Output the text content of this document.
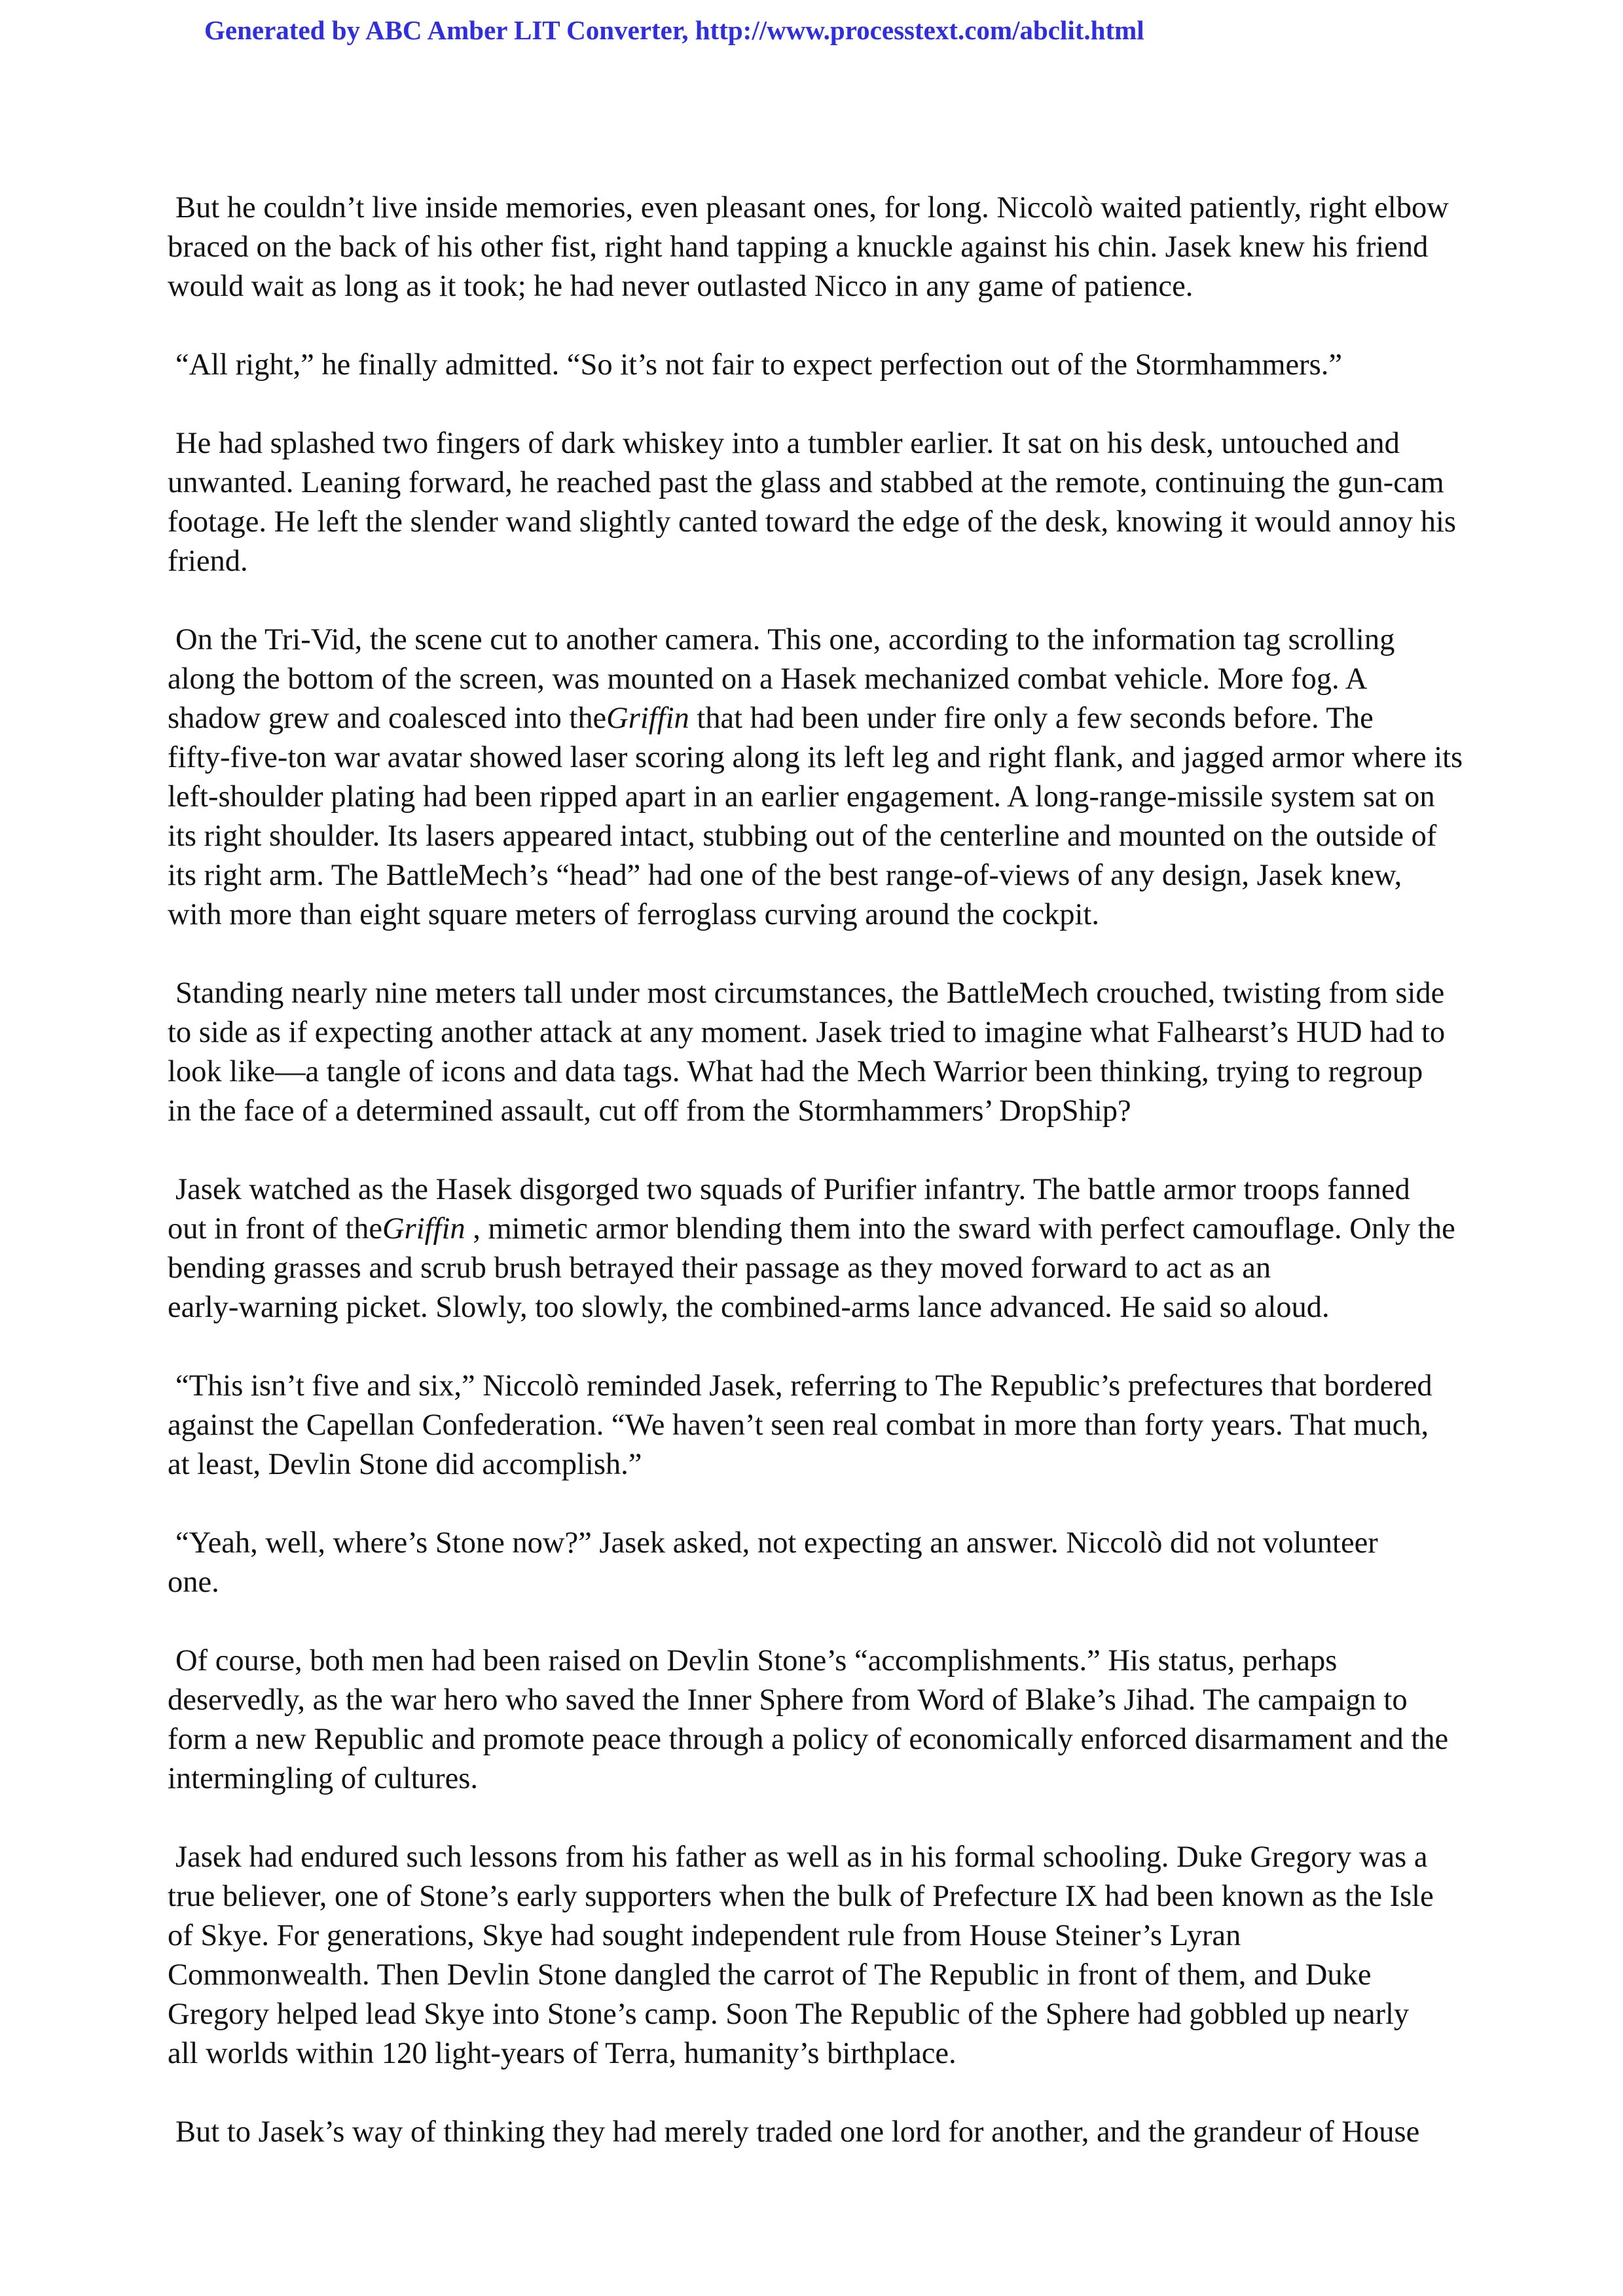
Generated by ABC Amber LIT Converter, http://www.processtext.com/abclit.html

But he couldn’t live inside memories, even pleasant ones, for long. Niccolò waited patiently, right elbow
braced on the back of his other fist, right hand tapping a knuckle against his chin. Jasek knew his friend
would wait as long as it took; he had never outlasted Nicco in any game of patience.

“All right,” he finally admitted. “So it’s not fair to expect perfection out of the Stormhammers.”

He had splashed two fingers of dark whiskey into a tumbler earlier. It sat on his desk, untouched and
unwanted. Leaning forward, he reached past the glass and stabbed at the remote, continuing the gun-cam
footage. He left the slender wand slightly canted toward the edge of the desk, knowing it would annoy his
friend.

On the Tri-Vid, the scene cut to another camera. This one, according to the information tag scrolling
along the bottom of the screen, was mounted on a Hasek mechanized combat vehicle. More fog. A
shadow grew and coalesced into theGriffin that had been under fire only a few seconds before. The
fifty-five-ton war avatar showed laser scoring along its left leg and right flank, and jagged armor where its
left-shoulder plating had been ripped apart in an earlier engagement. A long-range-missile system sat on
its right shoulder. Its lasers appeared intact, stubbing out of the centerline and mounted on the outside of
its right arm. The BattleMech’s “head” had one of the best range-of-views of any design, Jasek knew,
with more than eight square meters of ferroglass curving around the cockpit.

Standing nearly nine meters tall under most circumstances, the BattleMech crouched, twisting from side
to side as if expecting another attack at any moment. Jasek tried to imagine what Falhearst’s HUD had to
look like—a tangle of icons and data tags. What had the Mech Warrior been thinking, trying to regroup
in the face of a determined assault, cut off from the Stormhammers’ DropShip?

Jasek watched as the Hasek disgorged two squads of Purifier infantry. The battle armor troops fanned
out in front of theGriffin , mimetic armor blending them into the sward with perfect camouflage. Only the
bending grasses and scrub brush betrayed their passage as they moved forward to act as an
early-warning picket. Slowly, too slowly, the combined-arms lance advanced. He said so aloud.

“This isn’t five and six,” Niccolò reminded Jasek, referring to The Republic’s prefectures that bordered
against the Capellan Confederation. “We haven’t seen real combat in more than forty years. That much,
at least, Devlin Stone did accomplish.”

“Yeah, well, where’s Stone now?” Jasek asked, not expecting an answer. Niccolò did not volunteer
one.

Of course, both men had been raised on Devlin Stone’s “accomplishments.” His status, perhaps
deservedly, as the war hero who saved the Inner Sphere from Word of Blake’s Jihad. The campaign to
form a new Republic and promote peace through a policy of economically enforced disarmament and the
intermingling of cultures.

Jasek had endured such lessons from his father as well as in his formal schooling. Duke Gregory was a
true believer, one of Stone’s early supporters when the bulk of Prefecture IX had been known as the Isle
of Skye. For generations, Skye had sought independent rule from House Steiner’s Lyran
Commonwealth. Then Devlin Stone dangled the carrot of The Republic in front of them, and Duke
Gregory helped lead Skye into Stone’s camp. Soon The Republic of the Sphere had gobbled up nearly
all worlds within 120 light-years of Terra, humanity’s birthplace.

But to Jasek’s way of thinking they had merely traded one lord for another, and the grandeur of House
